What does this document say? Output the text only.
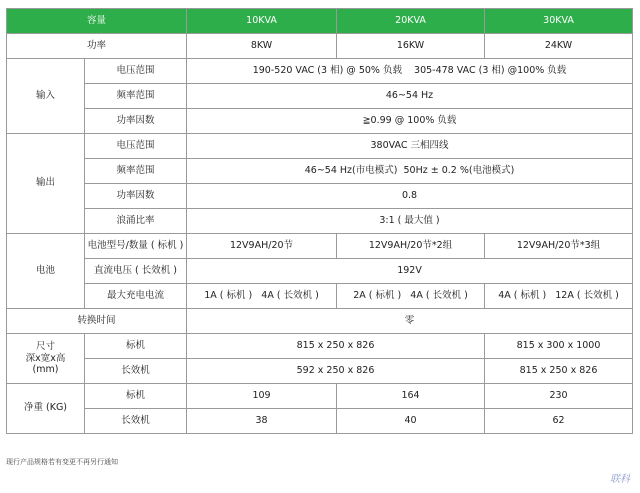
容量		10KVA	20KVA	30KVA
功率		8KW	16KW	24KW
输入	电压范围	190-520 VAC (3 相) @ 50% 负载    305-478 VAC (3 相) @100% 负载		
	频率范围	46~54 Hz		
	功率因数	≧0.99 @ 100% 负载		
输出	电压范围	380VAC 三相四线		
	频率范围	46~54 Hz(市电模式)  50Hz ± 0.2 %(电池模式)		
	功率因数	0.8		
	浪涌比率	3:1 ( 最大值 )		
电池	电池型号/数量 ( 标机 )	12V9AH/20节	12V9AH/20节*2组	12V9AH/20节*3组
	直流电压 ( 长效机 )	192V		
	最大充电电流	1A ( 标机 )   4A ( 长效机 )	2A ( 标机 )   4A ( 长效机 )	4A ( 标机 )   12A ( 长效机 )
转换时间		零		
尺寸
深x宽x高
(mm)	标机	815 x 250 x 826		815 x 300 x 1000
	长效机	592 x 250 x 826		815 x 250 x 826
净重 (KG)	标机	109	164	230
	长效机	38	40	62
现行产品规格若有变更不再另行通知
联科
